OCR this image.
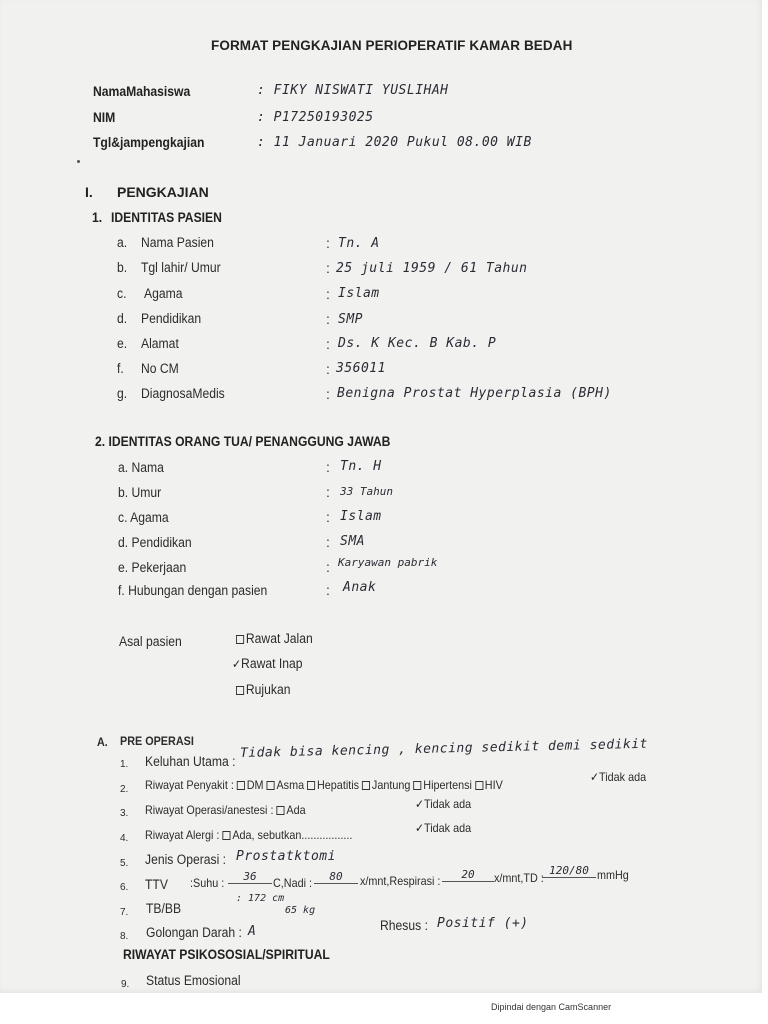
FORMAT PENGKAJIAN PERIOPERATIF KAMAR BEDAH
NamaMahasiswa	: FIKY NISWATI YUSLIHAH
NIM	: P17250193025
Tgl&jampengkajian	: 11 Januari 2020 Pukul 08.00 WIB
I. PENGKAJIAN
1. IDENTITAS PASIEN
a. Nama Pasien	: Tn. A
b. Tgl lahir/ Umur	: 25 juli 1959 / 61 Tahun
c. Agama	: Islam
d. Pendidikan	: SMP
e. Alamat	: Ds. K Kec. B Kab. P
f. No CM	: 356011
g. DiagnosaMedis	: Benigna Prostat Hyperplasia (BPH)
2. IDENTITAS ORANG TUA/ PENANGGUNG JAWAB
a. Nama	: Tn. H
b. Umur	: 33 Tahun
c. Agama	: Islam
d. Pendidikan	: SMA
e. Pekerjaan	: Karyawan pabrik
f. Hubungan dengan pasien	: Anak
Asal pasien	Rawat Jalan
✓Rawat Inap
Rujukan
A. PRE OPERASI
1. Keluhan Utama :
Tidak bisa kencing , kencing sedikit demi sedikit
2. Riwayat Penyakit : DM Asma Hepatitis Jantung Hipertensi HIV
✓Tidak ada
3. Riwayat Operasi/anestesi : Ada	✓Tidak ada
4. Riwayat Alergi : Ada, sebutkan.................	✓Tidak ada
5. Jenis Operasi : Prostatktomi
6. TTV :Suhu :	36	C,Nadi :	80	x/mnt,Respirasi :	20	x/mnt,TD :
120/80 mmHg
7. TB/BB
: 172 cm
65 kg
8. Golongan Darah : A	Rhesus : Positif (+)
RIWAYAT PSIKOSOSIAL/SPIRITUAL
9. Status Emosional
Dipindai dengan CamScanner
